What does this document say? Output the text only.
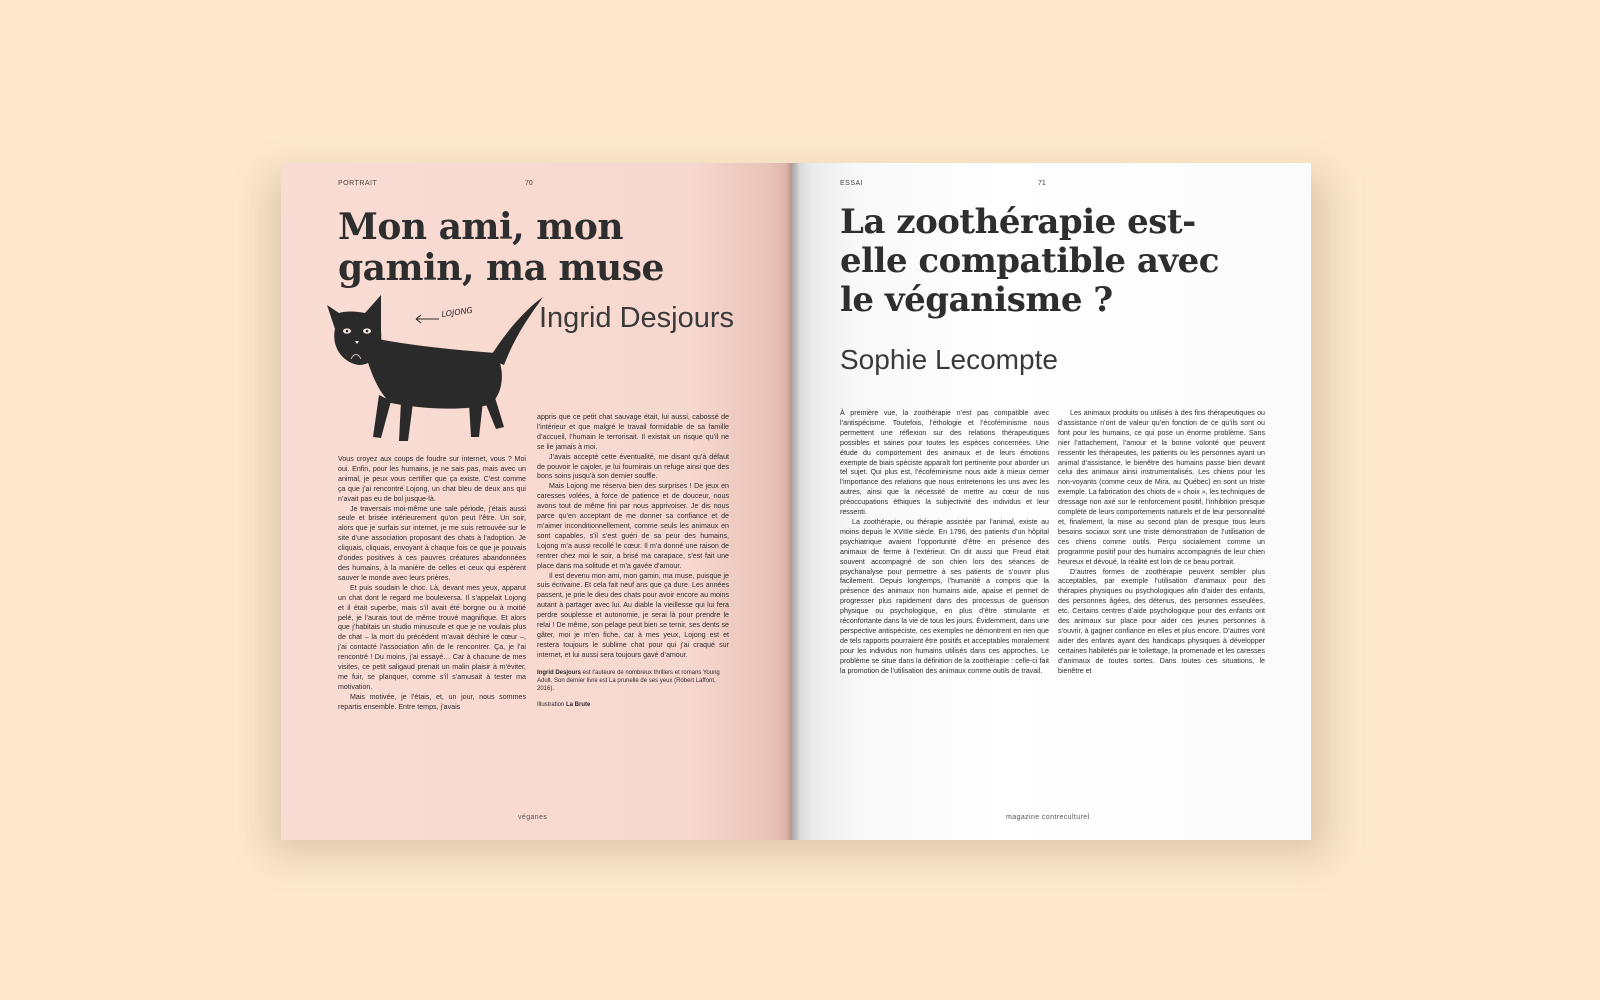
PORTRAIT	70
Mon ami, mon gamin, ma muse
LOJONG Ingrid Desjours

Vous croyez aux coups de foudre sur internet, vous ? Moi oui. Enfin, pour les humains, je ne sais pas, mais avec un animal, je peux vous certifier que ça existe. C’est comme ça que j’ai rencontré Lojong, un chat bleu de deux ans qui n’avait pas eu de bol jusque-là.

Je traversais moi-même une sale période, j’étais aussi seule et brisée intérieurement qu’on peut l’être. Un soir, alors que je surfais sur internet, je me suis retrouvée sur le site d’une association proposant des chats à l’adoption. Je cliquais, cliquais, envoyant à chaque fois ce que je pouvais d’ondes positives à ces pauvres créatures abandonnées des humains, à la manière de celles et ceux qui espèrent sauver le monde avec leurs prières.

Et puis soudain le choc. Là, devant mes yeux, apparut un chat dont le regard me bouleversa. Il s’appelait Lojong et il était superbe, mais s’il avait été borgne ou à moitié pelé, je l’aurais tout de même trouvé magnifique. Et alors que j’habitais un studio minuscule et que je ne voulais plus de chat – la mort du précédent m’avait déchiré le cœur –, j’ai contacté l’association afin de le rencontrer. Ça, je l’ai rencontré ! Du moins, j’ai essayé… Car à chacune de mes visites, ce petit saligaud prenait un malin plaisir à m’éviter, me fuir, se planquer, comme s’il s’amusait à tester ma motivation.

Mais motivée, je l’étais, et, un jour, nous sommes repartis ensemble. Entre temps, j’avais

appris que ce petit chat sauvage était, lui aussi, cabossé de l’intérieur et que malgré le travail formidable de sa famille d’accueil, l’humain le terrorisait. Il existait un risque qu’il ne se lie jamais à moi.

J’avais accepté cette éventualité, me disant qu’à défaut de pouvoir le cajoler, je lui fournirais un refuge ainsi que des bons soins jusqu’à son dernier souffle.

Mais Lojong me réserva bien des surprises ! De jeux en caresses volées, à force de patience et de douceur, nous avons tout de même fini par nous apprivoiser. Je dis nous parce qu’en acceptant de me donner sa confiance et de m’aimer inconditionnellement, comme seuls les animaux en sont capables, s’il s’est guéri de sa peur des humains, Lojong m’a aussi recollé le cœur. Il m’a donné une raison de rentrer chez moi le soir, a brisé ma carapace, s’est fait une place dans ma solitude et m’a gavée d’amour.

Il est devenu mon ami, mon gamin, ma muse, puisque je suis écrivaine. Et cela fait neuf ans que ça dure. Les années passent, je prie le dieu des chats pour avoir encore au moins autant à partager avec lui. Au diable la vieillesse qui lui fera perdre souplesse et autonomie, je serai là pour prendre le relai ! De même, son pelage peut bien se ternir, ses dents se gâter, moi je m’en fiche, car à mes yeux, Lojong est et restera toujours le sublime chat pour qui j’ai craqué sur internet, et lui aussi sera toujours gavé d’amour.

Ingrid Desjours est l’auteure de nombreux thrillers et romans Young Adult. Son dernier livre est La prunelle de ses yeux (Robert Laffont, 2016).
Illustration La Brute
véganes
ESSAI	71
La zoothérapie est-elle compatible avec le véganisme ?
Sophie Lecompte

À première vue, la zoothérapie n’est pas compatible avec l’antispécisme. Toutefois, l’éthologie et l’écoféminisme nous permettent une réflexion sur des relations thérapeutiques possibles et saines pour toutes les espèces concernées. Une étude du comportement des animaux et de leurs émotions exempte de biais spéciste apparaît fort pertinente pour aborder un tel sujet. Qui plus est, l’écoféminisme nous aide à mieux cerner l’importance des relations que nous entretenons les uns avec les autres, ainsi que la nécessité de mettre au cœur de nos préoccupations éthiques la subjectivité des individus et leur ressenti.

La zoothérapie, ou thérapie assistée par l’animal, existe au moins depuis le XVIIIe siècle. En 1796, des patients d’un hôpital psychiatrique avaient l’opportunité d’être en présence des animaux de ferme à l’extérieur. On dit aussi que Freud était souvent accompagné de son chien lors des séances de psychanalyse pour permettre à ses patients de s’ouvrir plus facilement. Depuis longtemps, l’humanité a compris que la présence des animaux non humains aide, apaise et permet de progresser plus rapidement dans des processus de guérison physique ou psychologique, en plus d’être stimulante et réconfortante dans la vie de tous les jours. Évidemment, dans une perspective antispéciste, ces exemples ne démontrent en rien que de tels rapports pourraient être positifs et acceptables moralement pour les individus non humains utilisés dans ces approches. Le problème se situe dans la définition de la zoothérapie : celle-ci fait la promotion de l’utilisation des animaux comme outils de travail.

Les animaux produits ou utilisés à des fins thérapeutiques ou d’assistance n’ont de valeur qu’en fonction de ce qu’ils sont ou font pour les humains, ce qui pose un énorme problème. Sans nier l’attachement, l’amour et la bonne volonté que peuvent ressentir les thérapeutes, les patients ou les personnes ayant un animal d’assistance, le bienêtre des humains passe bien devant celui des animaux ainsi instrumentalisés. Les chiens pour les non-voyants (comme ceux de Mira, au Québec) en sont un triste exemple. La fabrication des chiots de « choix », les techniques de dressage non axé sur le renforcement positif, l’inhibition presque complète de leurs comportements naturels et de leur personnalité et, finalement, la mise au second plan de presque tous leurs besoins sociaux sont une triste démonstration de l’utilisation de ces chiens comme outils. Perçu socialement comme un programme positif pour des humains accompagnés de leur chien heureux et dévoué, la réalité est loin de ce beau portrait.

D’autres formes de zoothérapie peuvent sembler plus acceptables, par exemple l’utilisation d’animaux pour des thérapies physiques ou psychologiques afin d’aider des enfants, des personnes âgées, des détenus, des personnes esseulées, etc. Certains centres d’aide psychologique pour des enfants ont des animaux sur place pour aider ces jeunes personnes à s’ouvrir, à gagner confiance en elles et plus encore. D’autres vont aider des enfants ayant des handicaps physiques à développer certaines habiletés par le toilettage, la promenade et les caresses d’animaux de toutes sortes. Dans toutes ces situations, le bienêtre et

magazine contreculturel
